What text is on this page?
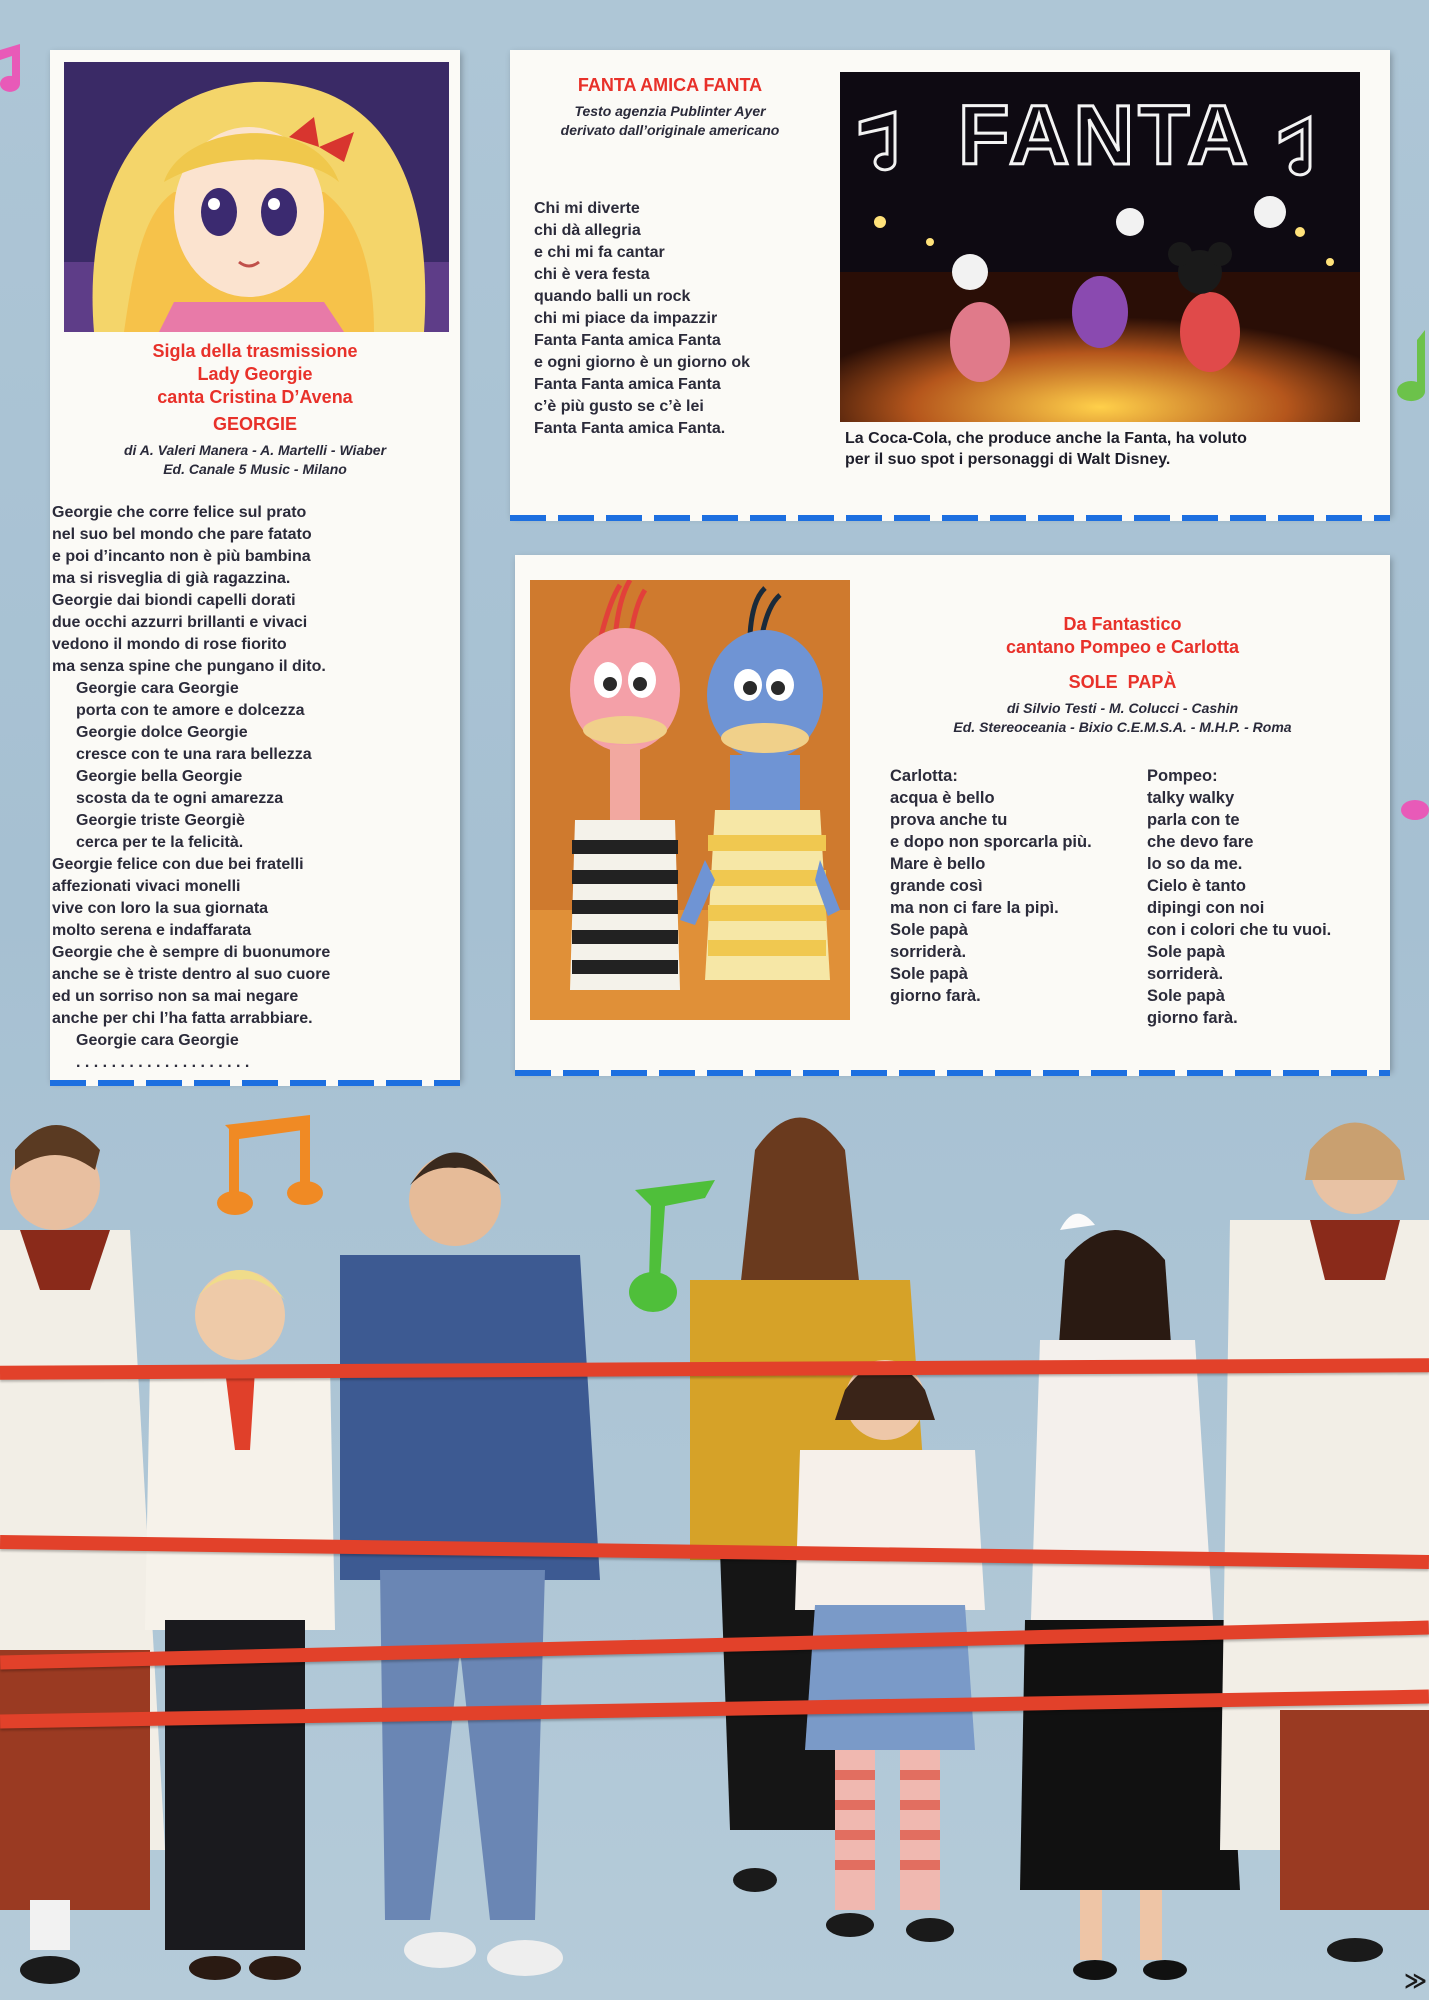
Sigla della trasmissione
Lady Georgie
canta Cristina D’Avena
GEORGIE
di A. Valeri Manera - A. Martelli - Wiaber
Ed. Canale 5 Music - Milano
Georgie che corre felice sul prato
nel suo bel mondo che pare fatato
e poi d’incanto non è più bambina
ma si risveglia di già ragazzina.
Georgie dai biondi capelli dorati
due occhi azzurri brillanti e vivaci
vedono il mondo di rose fiorito
ma senza spine che pungano il dito.
Georgie cara Georgie
porta con te amore e dolcezza
Georgie dolce Georgie
cresce con te una rara bellezza
Georgie bella Georgie
scosta da te ogni amarezza
Georgie triste Georgiè
cerca per te la felicità.
Georgie felice con due bei fratelli
affezionati vivaci monelli
vive con loro la sua giornata
molto serena e indaffarata
Georgie che è sempre di buonumore
anche se è triste dentro al suo cuore
ed un sorriso non sa mai negare
anche per chi l’ha fatta arrabbiare.
Georgie cara Georgie
. . . . . . . . . . . . . . . . . . . .
FANTA AMICA FANTA
Testo agenzia Publinter Ayer
derivato dall’originale americano
Chi mi diverte
chi dà allegria
e chi mi fa cantar
chi è vera festa
quando balli un rock
chi mi piace da impazzir
Fanta Fanta amica Fanta
e ogni giorno è un giorno ok
Fanta Fanta amica Fanta
c’è più gusto se c’è lei
Fanta Fanta amica Fanta.
FANTA
La Coca-Cola, che produce anche la Fanta, ha voluto
per il suo spot i personaggi di Walt Disney.
Da Fantastico
cantano Pompeo e Carlotta
SOLE  PAPÀ
di Silvio Testi - M. Colucci - Cashin
Ed. Stereoceania - Bixio C.E.M.S.A. - M.H.P. - Roma
Carlotta:
acqua è bello
prova anche tu
e dopo non sporcarla più.
Mare è bello
grande così
ma non ci fare la pipì.
Sole papà
sorriderà.
Sole papà
giorno farà.
Pompeo:
talky walky
parla con te
che devo fare
lo so da me.
Cielo è tanto
dipingi con noi
con i colori che tu vuoi.
Sole papà
sorriderà.
Sole papà
giorno farà.
≫
